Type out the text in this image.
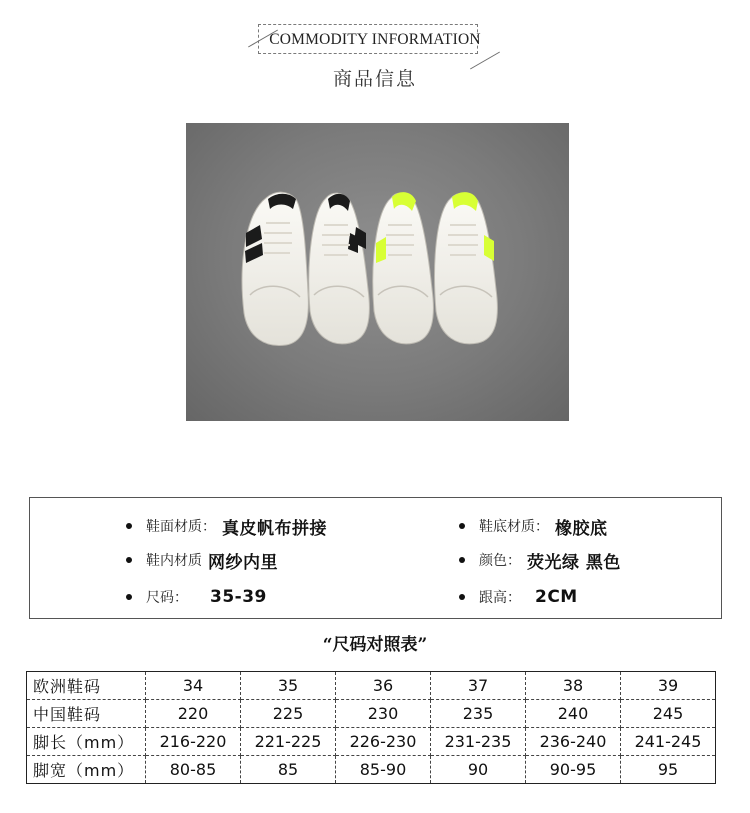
COMMODITY INFORMATION
商品信息
鞋面材质： 真皮帆布拼接	鞋底材质： 橡胶底
鞋内材质 网纱内里	颜色： 荧光绿 黑色
尺码： 35-39	跟高： 2CM
“尺码对照表”
欧洲鞋码	34	35	36	37	38	39
中国鞋码	220	225	230	235	240	245
脚长（mm）	216-220	221-225	226-230	231-235	236-240	241-245
脚宽（mm）	80-85	85	85-90	90	90-95	95
